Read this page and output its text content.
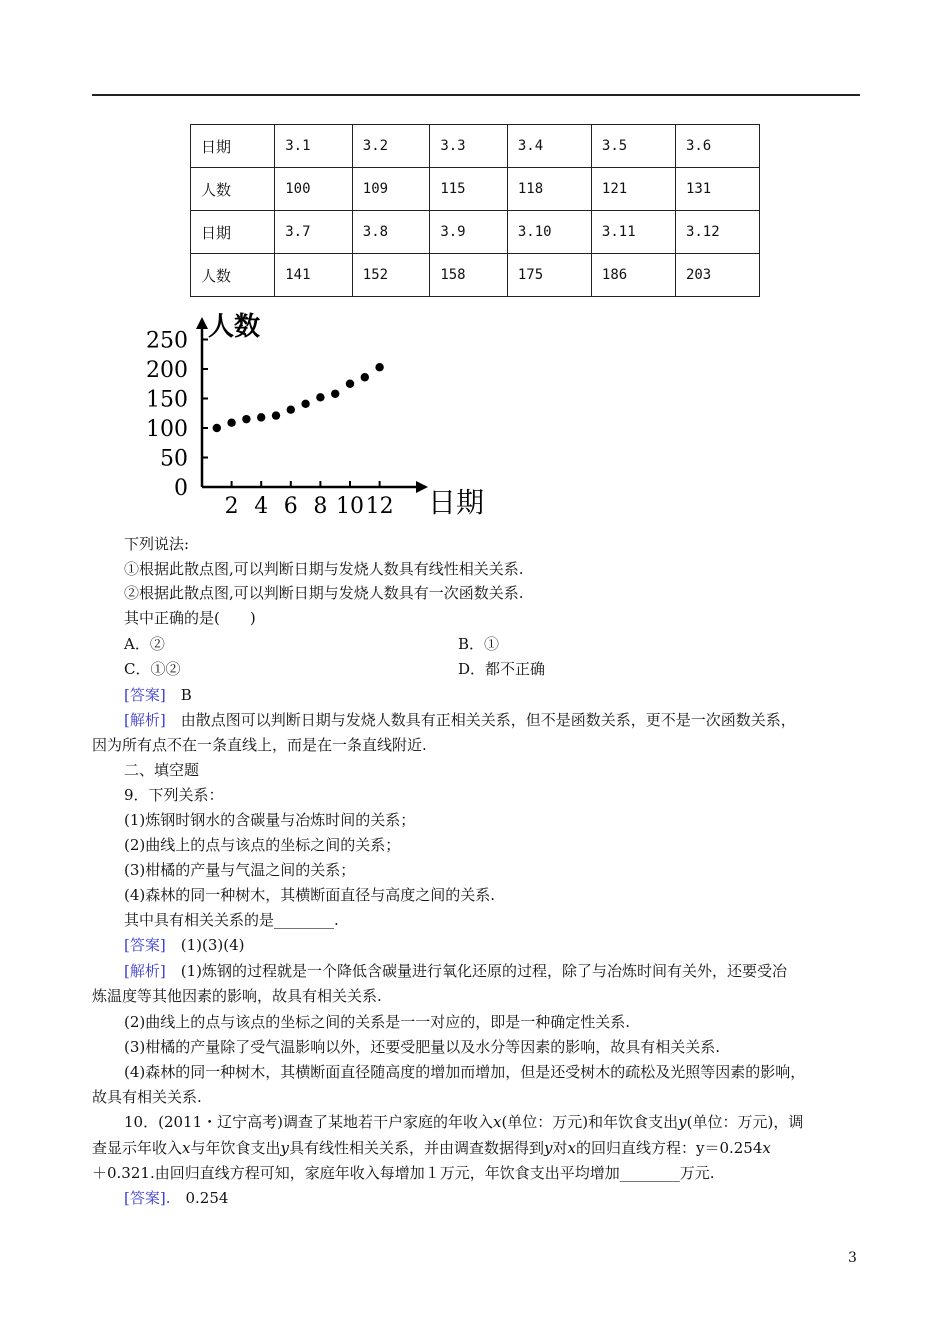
日期	3.1	3.2	3.3	3.4	3.5	3.6
人数	100	109	115	118	121	131
日期	3.7	3.8	3.9	3.10	3.11	3.12
人数	141	152	158	175	186	203
0
50
100
150
200
250
2 4 6 8 10 12
人数
日期
下列说法:
①根据此散点图,可以判断日期与发烧人数具有线性相关关系.
②根据此散点图,可以判断日期与发烧人数具有一次函数关系.
其中正确的是(　　)
A．②	B．①
C．①②	D．都不正确
[答案]　 B
[解析]　 由散点图可以判断日期与发烧人数具有正相关关系，但不是函数关系，更不是一次函数关系，
因为所有点不在一条直线上，而是在一条直线附近.
二、填空题
9．下列关系：
(1)炼钢时钢水的含碳量与冶炼时间的关系；
(2)曲线上的点与该点的坐标之间的关系；
(3)柑橘的产量与气温之间的关系；
(4)森林的同一种树木，其横断面直径与高度之间的关系.
其中具有相关关系的是________.
[答案]　 (1)(3)(4)
[解析]　 (1)炼钢的过程就是一个降低含碳量进行氧化还原的过程，除了与冶炼时间有关外，还要受冶
炼温度等其他因素的影响，故具有相关关系.
(2)曲线上的点与该点的坐标之间的关系是一一对应的，即是一种确定性关系.
(3)柑橘的产量除了受气温影响以外，还要受肥量以及水分等因素的影响，故具有相关关系.
(4)森林的同一种树木，其横断面直径随高度的增加而增加，但是还受树木的疏松及光照等因素的影响，
故具有相关关系.
10．(2011・辽宁高考)调查了某地若干户家庭的年收入x(单位：万元)和年饮食支出y(单位：万元)，调
查显示年收入x与年饮食支出y具有线性相关关系，并由调查数据得到y对x的回归直线方程：y＝0.254x
＋0.321.由回归直线方程可知，家庭年收入每增加１万元，年饮食支出平均增加________万元.
[答案].　 0.254
3
